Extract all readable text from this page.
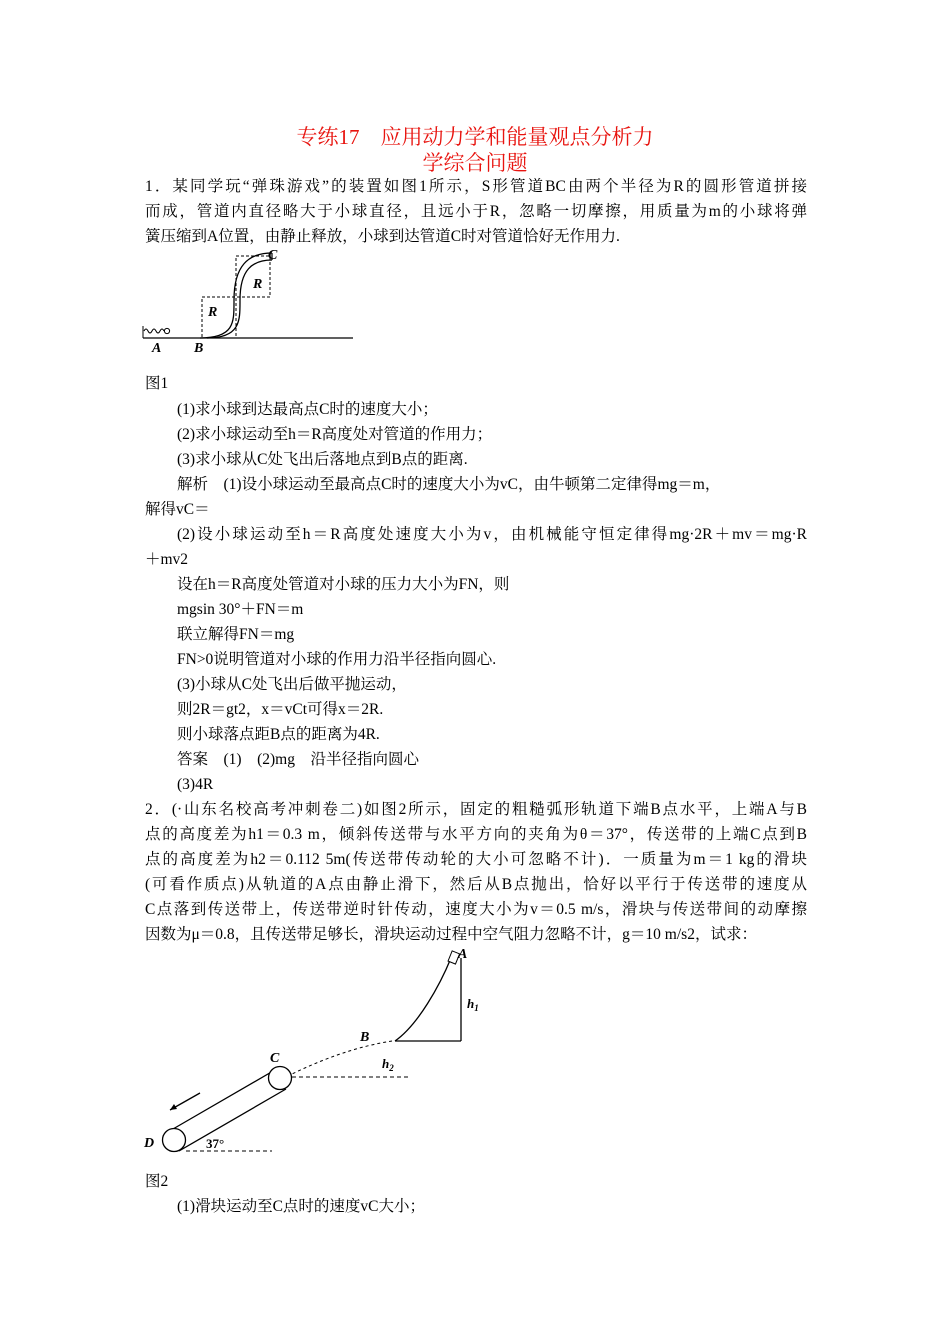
专练17　应用动力学和能量观点分析力
学综合问题
1．某同学玩“弹珠游戏”的装置如图1所示，S形管道BC由两个半径为R的圆形管道拼接
而成，管道内直径略大于小球直径，且远小于R，忽略一切摩擦，用质量为m的小球将弹
簧压缩到A位置，由静止释放，小球到达管道C时对管道恰好无作用力.
A B
C
R
R
图1
(1)求小球到达最高点C时的速度大小；
(2)求小球运动至h＝R高度处对管道的作用力；
(3)求小球从C处飞出后落地点到B点的距离.
解析　(1)设小球运动至最高点C时的速度大小为vC，由牛顿第二定律得mg＝m，
解得vC＝
(2)设小球运动至h＝R高度处速度大小为v，由机械能守恒定律得mg·2R＋mv＝mg·R
＋mv2
设在h＝R高度处管道对小球的压力大小为FN，则
mgsin 30°＋FN＝m
联立解得FN＝mg
FN>0说明管道对小球的作用力沿半径指向圆心.
(3)小球从C处飞出后做平抛运动，
则2R＝gt2，x＝vCt可得x＝2R.
则小球落点距B点的距离为4R.
答案　(1)　(2)mg　沿半径指向圆心
(3)4R
2．(·山东名校高考冲刺卷二)如图2所示，固定的粗糙弧形轨道下端B点水平，上端A与B
点的高度差为h1＝0.3 m，倾斜传送带与水平方向的夹角为θ＝37°，传送带的上端C点到B
点的高度差为h2＝0.112 5m(传送带传动轮的大小可忽略不计)．一质量为m＝1 kg的滑块
(可看作质点)从轨道的A点由静止滑下，然后从B点抛出，恰好以平行于传送带的速度从
C点落到传送带上，传送带逆时针传动，速度大小为v＝0.5 m/s，滑块与传送带间的动摩擦
因数为μ＝0.8，且传送带足够长，滑块运动过程中空气阻力忽略不计，g＝10 m/s2，试求：
A
B
C
D
$h_1$
$h_2$
37°
图2
(1)滑块运动至C点时的速度vC大小；
